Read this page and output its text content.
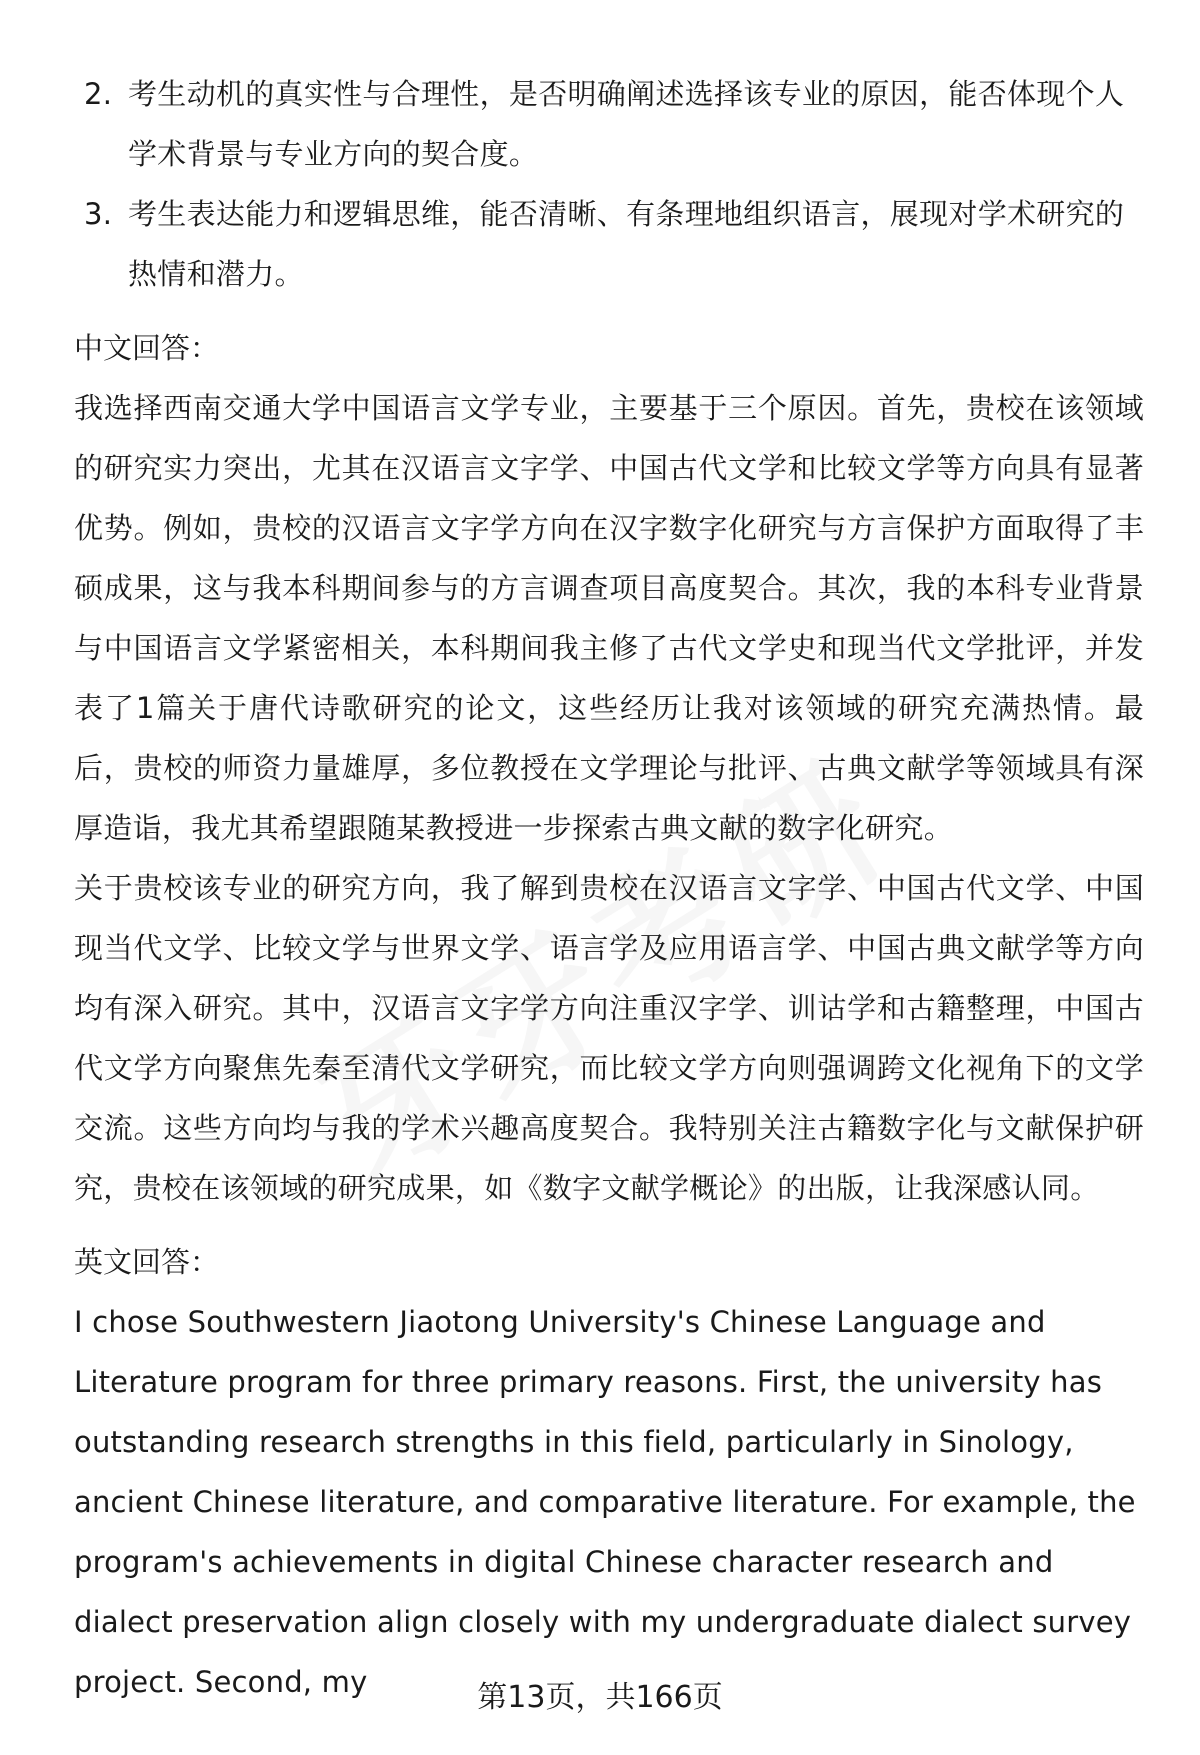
2. 考生动机的真实性与合理性，是否明确阐述选择该专业的原因，能否体现个人学术背景与专业方向的契合度。
3. 考生表达能力和逻辑思维，能否清晰、有条理地组织语言，展现对学术研究的热情和潜力。

中文回答：

我选择西南交通大学中国语言文学专业，主要基于三个原因。首先，贵校在该领域的研究实力突出，尤其在汉语言文字学、中国古代文学和比较文学等方向具有显著优势。例如，贵校的汉语言文字学方向在汉字数字化研究与方言保护方面取得了丰硕成果，这与我本科期间参与的方言调查项目高度契合。其次，我的本科专业背景与中国语言文学紧密相关，本科期间我主修了古代文学史和现当代文学批评，并发表了1篇关于唐代诗歌研究的论文，这些经历让我对该领域的研究充满热情。最后，贵校的师资力量雄厚，多位教授在文学理论与批评、古典文献学等领域具有深厚造诣，我尤其希望跟随某教授进一步探索古典文献的数字化研究。

关于贵校该专业的研究方向，我了解到贵校在汉语言文字学、中国古代文学、中国现当代文学、比较文学与世界文学、语言学及应用语言学、中国古典文献学等方向均有深入研究。其中，汉语言文字学方向注重汉字学、训诂学和古籍整理，中国古代文学方向聚焦先秦至清代文学研究，而比较文学方向则强调跨文化视角下的文学交流。这些方向均与我的学术兴趣高度契合。我特别关注古籍数字化与文献保护研究，贵校在该领域的研究成果，如《数字文献学概论》的出版，让我深感认同。

英文回答：

I chose Southwestern Jiaotong University's Chinese Language and Literature program for three primary reasons. First, the university has outstanding research strengths in this field, particularly in Sinology, ancient Chinese literature, and comparative literature. For example, the program's achievements in digital Chinese character research and dialect preservation align closely with my undergraduate dialect survey project. Second, my	第13页，共166页
